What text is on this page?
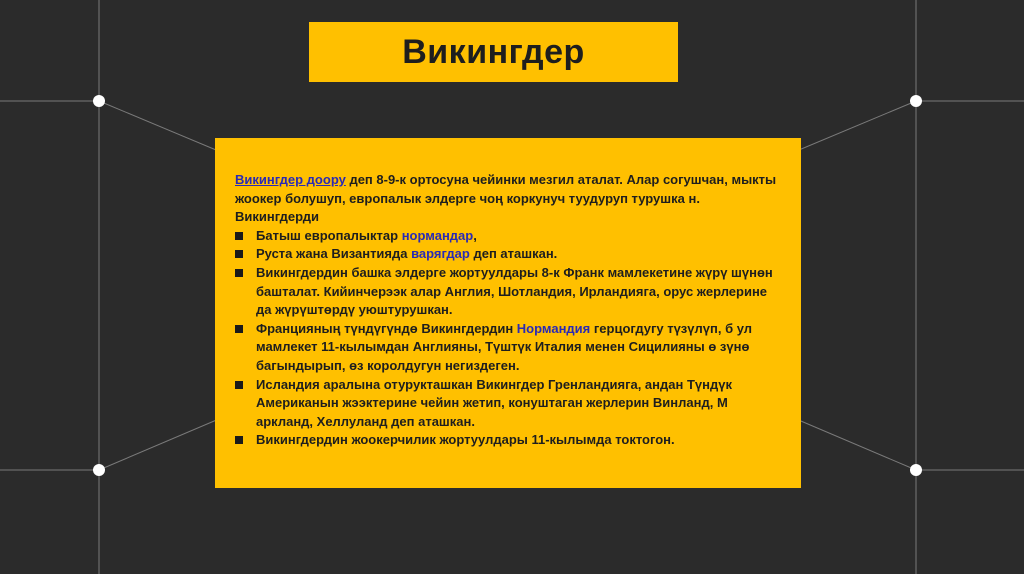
Викингдер

Викингдер доору деп 8-9-к ортосуна чейинки мезгил аталат. Алар согушчан, мыкты жоокер болушуп, европалык элдерге чоң коркунуч туудуруп турушка н. Викингдерди

Батыш европалыктар нормандар,
Руста жана Византияда варягдар деп аташкан.
Викингдердин башка элдерге жортуулдары 8-к Франк мамлекетине жүрү шүнөн башталат. Кийинчерээк алар Англия, Шотландия, Ирландияга, орус жерлерине да жүрүштөрдү уюштурушкан.
Францияның түндүгүндө Викингдердин Нормандия герцогдугу түзүлүп, б ул мамлекет 11-кылымдан Англияны, Түштүк Италия менен Сицилияны ө зүнө багындырып, өз королдугун негиздеген.
Исландия аралына отурукташкан Викингдер Гренландияга, андан Түндүк Американын жээктерине чейин жетип, конуштаган жерлерин Винланд, М аркланд, Хеллуланд деп аташкан.
Викингдердин жоокерчилик жортуулдары 11-кылымда токтогон.
